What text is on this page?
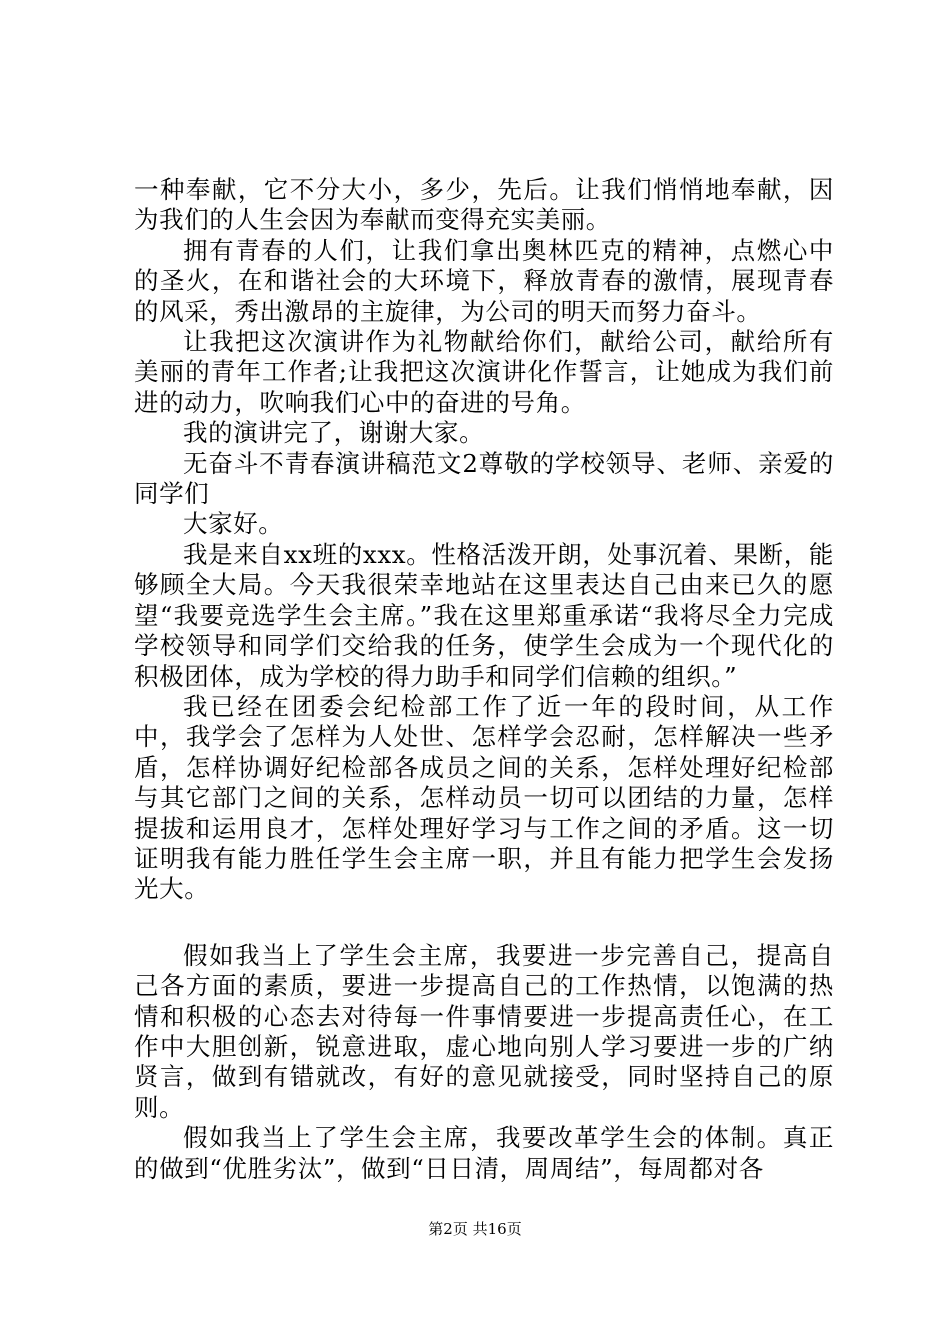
一种奉献，它不分大小，多少，先后。让我们悄悄地奉献，因为我们的人生会因为奉献而变得充实美丽。

拥有青春的人们，让我们拿出奥林匹克的精神，点燃心中的圣火，在和谐社会的大环境下，释放青春的激情，展现青春的风采，秀出激昂的主旋律，为公司的明天而努力奋斗。

让我把这次演讲作为礼物献给你们，献给公司，献给所有美丽的青年工作者;让我把这次演讲化作誓言，让她成为我们前进的动力，吹响我们心中的奋进的号角。

我的演讲完了，谢谢大家。

无奋斗不青春演讲稿范文2尊敬的学校领导、老师、亲爱的同学们

大家好。

我是来自xx班的xxx。性格活泼开朗，处事沉着、果断，能够顾全大局。今天我很荣幸地站在这里表达自己由来已久的愿望“我要竞选学生会主席。”我在这里郑重承诺“我将尽全力完成学校领导和同学们交给我的任务，使学生会成为一个现代化的积极团体，成为学校的得力助手和同学们信赖的组织。”

我已经在团委会纪检部工作了近一年的段时间，从工作中，我学会了怎样为人处世、怎样学会忍耐，怎样解决一些矛盾，怎样协调好纪检部各成员之间的关系，怎样处理好纪检部与其它部门之间的关系，怎样动员一切可以团结的力量，怎样提拔和运用良才，怎样处理好学习与工作之间的矛盾。这一切证明我有能力胜任学生会主席一职，并且有能力把学生会发扬光大。

假如我当上了学生会主席，我要进一步完善自己，提高自己各方面的素质，要进一步提高自己的工作热情，以饱满的热情和积极的心态去对待每一件事情要进一步提高责任心，在工作中大胆创新，锐意进取，虚心地向别人学习要进一步的广纳贤言，做到有错就改，有好的意见就接受，同时坚持自己的原则。

假如我当上了学生会主席，我要改革学生会的体制。真正的做到“优胜劣汰”，做到“日日清，周周结”，每周都对各

第2页 共16页
